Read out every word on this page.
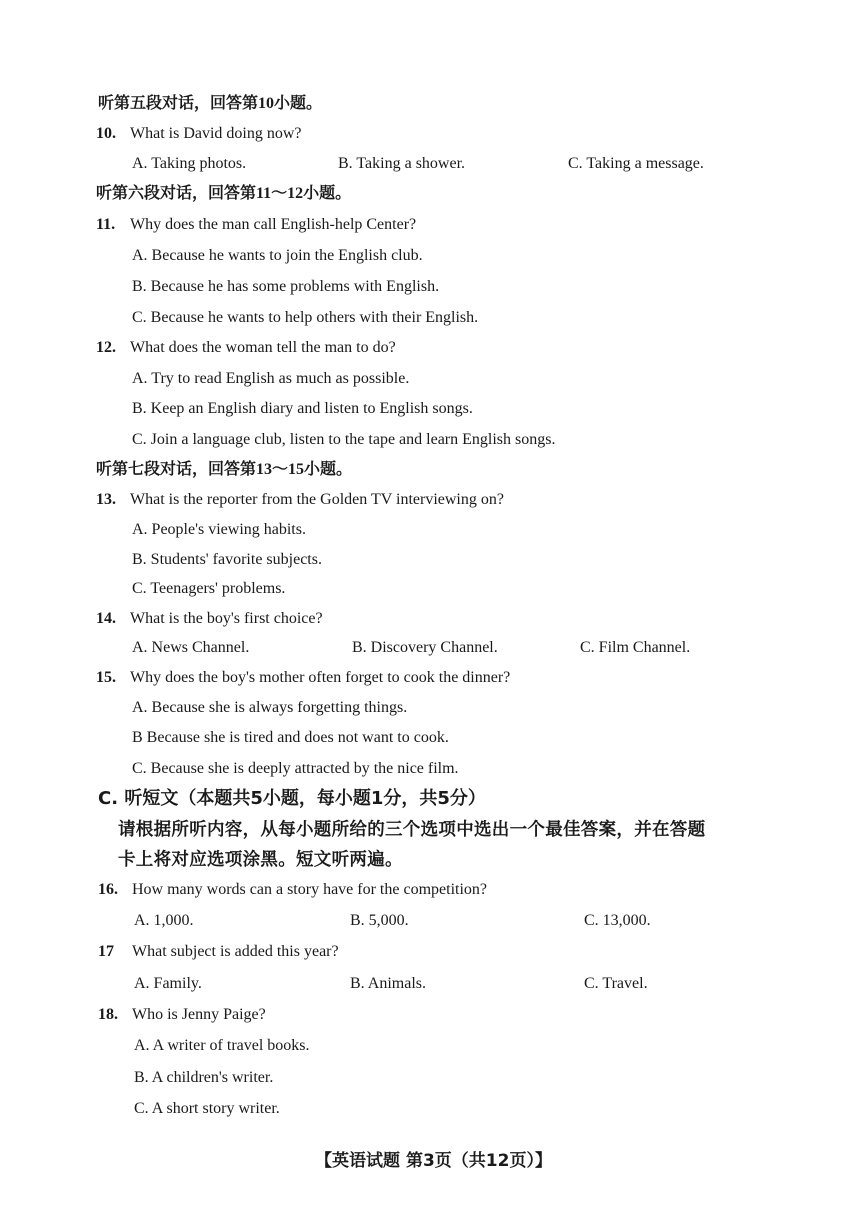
听第五段对话，回答第10小题。
10. What is David doing now?
A. Taking photos.	B. Taking a shower.	C. Taking a message.
听第六段对话，回答第11～12小题。
11. Why does the man call English-help Center?
A. Because he wants to join the English club.
B. Because he has some problems with English.
C. Because he wants to help others with their English.
12. What does the woman tell the man to do?
A. Try to read English as much as possible.
B. Keep an English diary and listen to English songs.
C. Join a language club, listen to the tape and learn English songs.
听第七段对话，回答第13～15小题。
13. What is the reporter from the Golden TV interviewing on?
A. People's viewing habits.
B. Students' favorite subjects.
C. Teenagers' problems.
14. What is the boy's first choice?
A. News Channel.	B. Discovery Channel.	C. Film Channel.
15. Why does the boy's mother often forget to cook the dinner?
A. Because she is always forgetting things.
B Because she is tired and does not want to cook.
C. Because she is deeply attracted by the nice film.
C. 听短文（本题共5小题，每小题1分，共5分）
请根据所听内容，从每小题所给的三个选项中选出一个最佳答案，并在答题
卡上将对应选项涂黑。短文听两遍。
16. How many words can a story have for the competition?
A. 1,000.	B. 5,000.	C. 13,000.
17 What subject is added this year?
A. Family.	B. Animals.	C. Travel.
18. Who is Jenny Paige?
A. A writer of travel books.
B. A children's writer.
C. A short story writer.
【英语试题 第3页（共12页）】
